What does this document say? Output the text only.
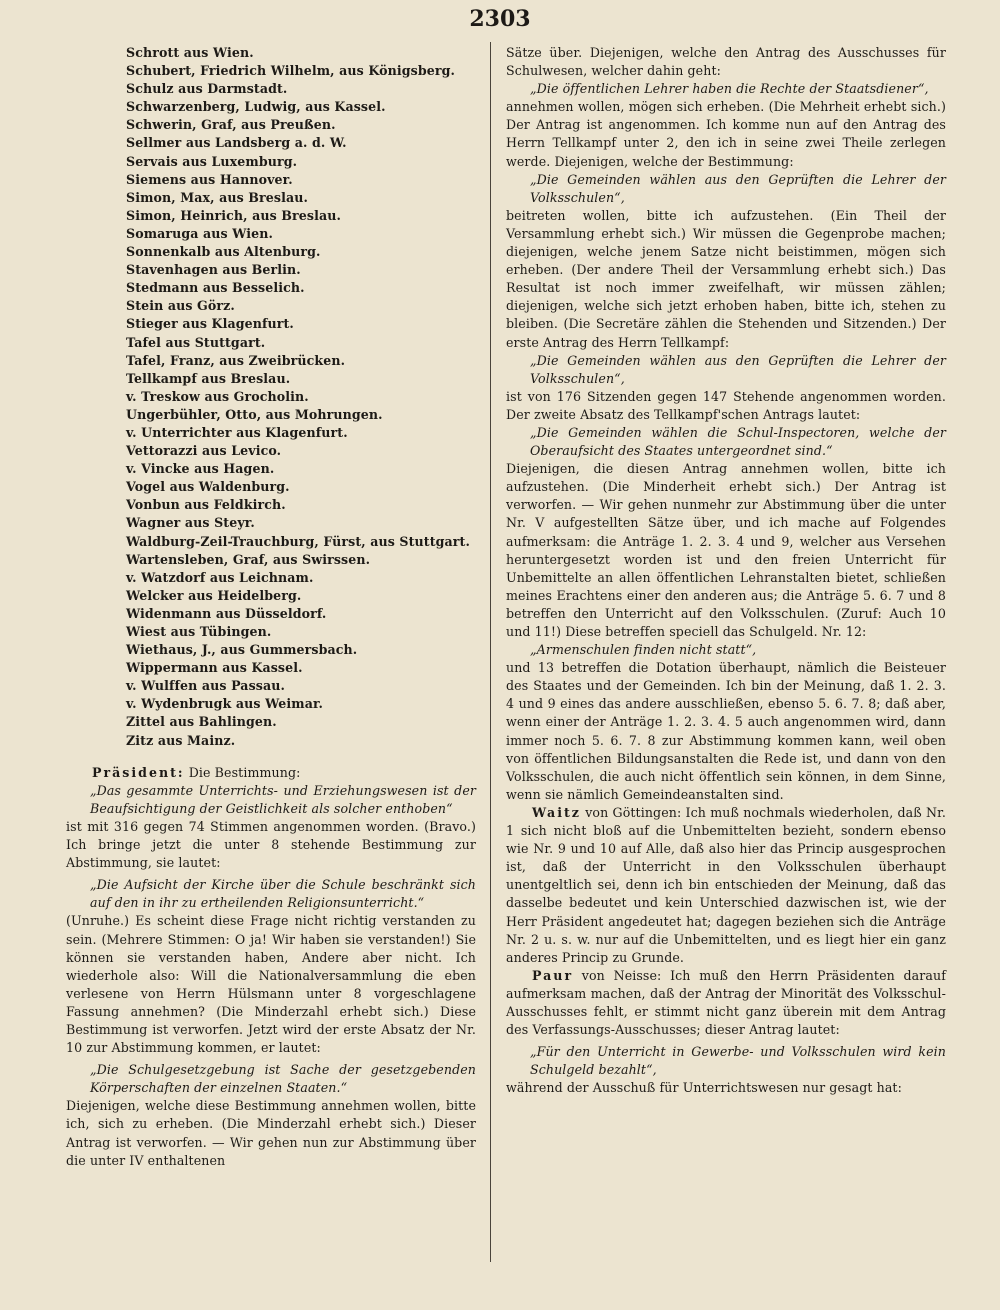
2303
Schrott aus Wien.
Schubert, Friedrich Wilhelm, aus Königsberg.
Schulz aus Darmstadt.
Schwarzenberg, Ludwig, aus Kassel.
Schwerin, Graf, aus Preußen.
Sellmer aus Landsberg a. d. W.
Servais aus Luxemburg.
Siemens aus Hannover.
Simon, Max, aus Breslau.
Simon, Heinrich, aus Breslau.
Somaruga aus Wien.
Sonnenkalb aus Altenburg.
Stavenhagen aus Berlin.
Stedmann aus Besselich.
Stein aus Görz.
Stieger aus Klagenfurt.
Tafel aus Stuttgart.
Tafel, Franz, aus Zweibrücken.
Tellkampf aus Breslau.
v. Treskow aus Grocholin.
Ungerbühler, Otto, aus Mohrungen.
v. Unterrichter aus Klagenfurt.
Vettorazzi aus Levico.
v. Vincke aus Hagen.
Vogel aus Waldenburg.
Vonbun aus Feldkirch.
Wagner aus Steyr.
Waldburg-Zeil-Trauchburg, Fürst, aus Stuttgart.
Wartensleben, Graf, aus Swirssen.
v. Watzdorf aus Leichnam.
Welcker aus Heidelberg.
Widenmann aus Düsseldorf.
Wiest aus Tübingen.
Wiethaus, J., aus Gummersbach.
Wippermann aus Kassel.
v. Wulffen aus Passau.
v. Wydenbrugk aus Weimar.
Zittel aus Bahlingen.
Zitz aus Mainz.

Präsident: Die Bestimmung:

„Das gesammte Unterrichts- und Erziehungswesen ist der Beaufsichtigung der Geistlichkeit als solcher enthoben“

ist mit 316 gegen 74 Stimmen angenommen worden. (Bravo.) Ich bringe jetzt die unter 8 stehende Bestimmung zur Abstimmung, sie lautet:

„Die Aufsicht der Kirche über die Schule beschränkt sich auf den in ihr zu ertheilenden Religionsunterricht.“

(Unruhe.) Es scheint diese Frage nicht richtig verstanden zu sein. (Mehrere Stimmen: O ja! Wir haben sie verstanden!) Sie können sie verstanden haben, Andere aber nicht. Ich wiederhole also: Will die Nationalversammlung die eben verlesene von Herrn Hülsmann unter 8 vorgeschlagene Fassung annehmen? (Die Minderzahl erhebt sich.) Diese Bestimmung ist verworfen. Jetzt wird der erste Absatz der Nr. 10 zur Abstimmung kommen, er lautet:

„Die Schulgesetzgebung ist Sache der gesetzgebenden Körperschaften der einzelnen Staaten.“

Diejenigen, welche diese Bestimmung annehmen wollen, bitte ich, sich zu erheben. (Die Minderzahl erhebt sich.) Dieser Antrag ist verworfen. — Wir gehen nun zur Abstimmung über die unter IV enthaltenen

Sätze über. Diejenigen, welche den Antrag des Ausschusses für Schulwesen, welcher dahin geht:

„Die öffentlichen Lehrer haben die Rechte der Staatsdiener“,

annehmen wollen, mögen sich erheben. (Die Mehrheit erhebt sich.) Der Antrag ist angenommen. Ich komme nun auf den Antrag des Herrn Tellkampf unter 2, den ich in seine zwei Theile zerlegen werde. Diejenigen, welche der Bestimmung:

„Die Gemeinden wählen aus den Geprüften die Lehrer der Volksschulen“,

beitreten wollen, bitte ich aufzustehen. (Ein Theil der Versammlung erhebt sich.) Wir müssen die Gegenprobe machen; diejenigen, welche jenem Satze nicht beistimmen, mögen sich erheben. (Der andere Theil der Versammlung erhebt sich.) Das Resultat ist noch immer zweifelhaft, wir müssen zählen; diejenigen, welche sich jetzt erhoben haben, bitte ich, stehen zu bleiben. (Die Secretäre zählen die Stehenden und Sitzenden.) Der erste Antrag des Herrn Tellkampf:

„Die Gemeinden wählen aus den Geprüften die Lehrer der Volksschulen“,

ist von 176 Sitzenden gegen 147 Stehende angenommen worden. Der zweite Absatz des Tellkampf'schen Antrags lautet:

„Die Gemeinden wählen die Schul-Inspectoren, welche der Oberaufsicht des Staates untergeordnet sind.“

Diejenigen, die diesen Antrag annehmen wollen, bitte ich aufzustehen. (Die Minderheit erhebt sich.) Der Antrag ist verworfen. — Wir gehen nunmehr zur Abstimmung über die unter Nr. V aufgestellten Sätze über, und ich mache auf Folgendes aufmerksam: die Anträge 1. 2. 3. 4 und 9, welcher aus Versehen heruntergesetzt worden ist und den freien Unterricht für Unbemittelte an allen öffentlichen Lehranstalten bietet, schließen meines Erachtens einer den anderen aus; die Anträge 5. 6. 7 und 8 betreffen den Unterricht auf den Volksschulen. (Zuruf: Auch 10 und 11!) Diese betreffen speciell das Schulgeld. Nr. 12:

„Armenschulen finden nicht statt“,

und 13 betreffen die Dotation überhaupt, nämlich die Beisteuer des Staates und der Gemeinden. Ich bin der Meinung, daß 1. 2. 3. 4 und 9 eines das andere ausschließen, ebenso 5. 6. 7. 8; daß aber, wenn einer der Anträge 1. 2. 3. 4. 5 auch angenommen wird, dann immer noch 5. 6. 7. 8 zur Abstimmung kommen kann, weil oben von öffentlichen Bildungsanstalten die Rede ist, und dann von den Volksschulen, die auch nicht öffentlich sein können, in dem Sinne, wenn sie nämlich Gemeindeanstalten sind.

Waitz von Göttingen: Ich muß nochmals wiederholen, daß Nr. 1 sich nicht bloß auf die Unbemittelten bezieht, sondern ebenso wie Nr. 9 und 10 auf Alle, daß also hier das Princip ausgesprochen ist, daß der Unterricht in den Volksschulen überhaupt unentgeltlich sei, denn ich bin entschieden der Meinung, daß das dasselbe bedeutet und kein Unterschied dazwischen ist, wie der Herr Präsident angedeutet hat; dagegen beziehen sich die Anträge Nr. 2 u. s. w. nur auf die Unbemittelten, und es liegt hier ein ganz anderes Princip zu Grunde.

Paur von Neisse: Ich muß den Herrn Präsidenten darauf aufmerksam machen, daß der Antrag der Minorität des Volksschul-Ausschusses fehlt, er stimmt nicht ganz überein mit dem Antrag des Verfassungs-Ausschusses; dieser Antrag lautet:

„Für den Unterricht in Gewerbe- und Volksschulen wird kein Schulgeld bezahlt“,

während der Ausschuß für Unterrichtswesen nur gesagt hat:
